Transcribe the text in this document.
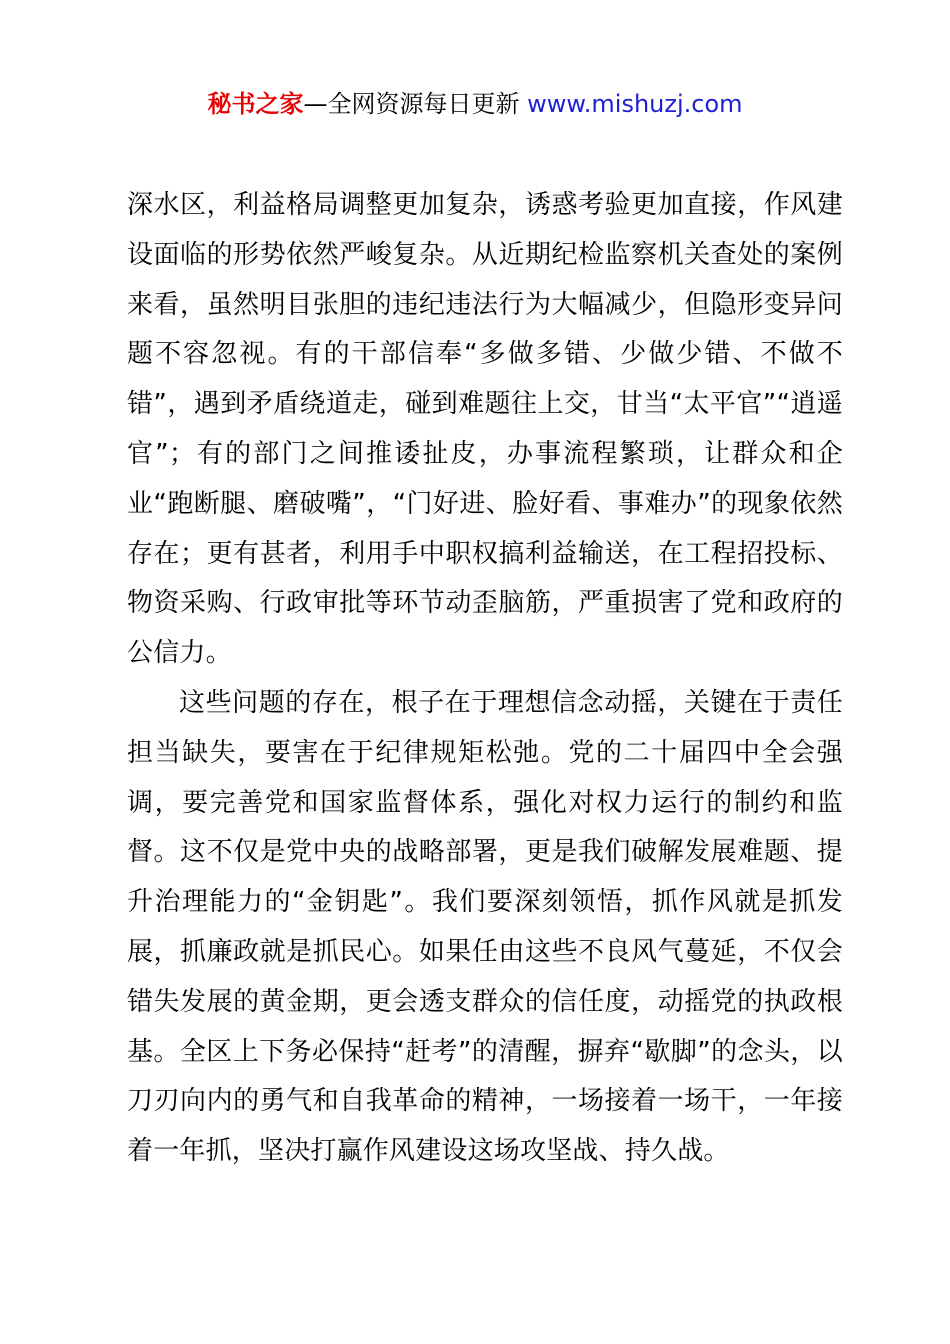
秘书之家—全网资源每日更新 www.mishuzj.com

深水区，利益格局调整更加复杂，诱惑考验更加直接，作风建设面临的形势依然严峻复杂。从近期纪检监察机关查处的案例来看，虽然明目张胆的违纪违法行为大幅减少，但隐形变异问题不容忽视。有的干部信奉“多做多错、少做少错、不做不错”，遇到矛盾绕道走，碰到难题往上交，甘当“太平官”“逍遥官”；有的部门之间推诿扯皮，办事流程繁琐，让群众和企业“跑断腿、磨破嘴”，“门好进、脸好看、事难办”的现象依然存在；更有甚者，利用手中职权搞利益输送，在工程招投标、物资采购、行政审批等环节动歪脑筋，严重损害了党和政府的公信力。

这些问题的存在，根子在于理想信念动摇，关键在于责任担当缺失，要害在于纪律规矩松弛。党的二十届四中全会强调，要完善党和国家监督体系，强化对权力运行的制约和监督。这不仅是党中央的战略部署，更是我们破解发展难题、提升治理能力的“金钥匙”。我们要深刻领悟，抓作风就是抓发展，抓廉政就是抓民心。如果任由这些不良风气蔓延，不仅会错失发展的黄金期，更会透支群众的信任度，动摇党的执政根基。全区上下务必保持“赶考”的清醒，摒弃“歇脚”的念头，以刀刃向内的勇气和自我革命的精神，一场接着一场干，一年接着一年抓，坚决打赢作风建设这场攻坚战、持久战。
